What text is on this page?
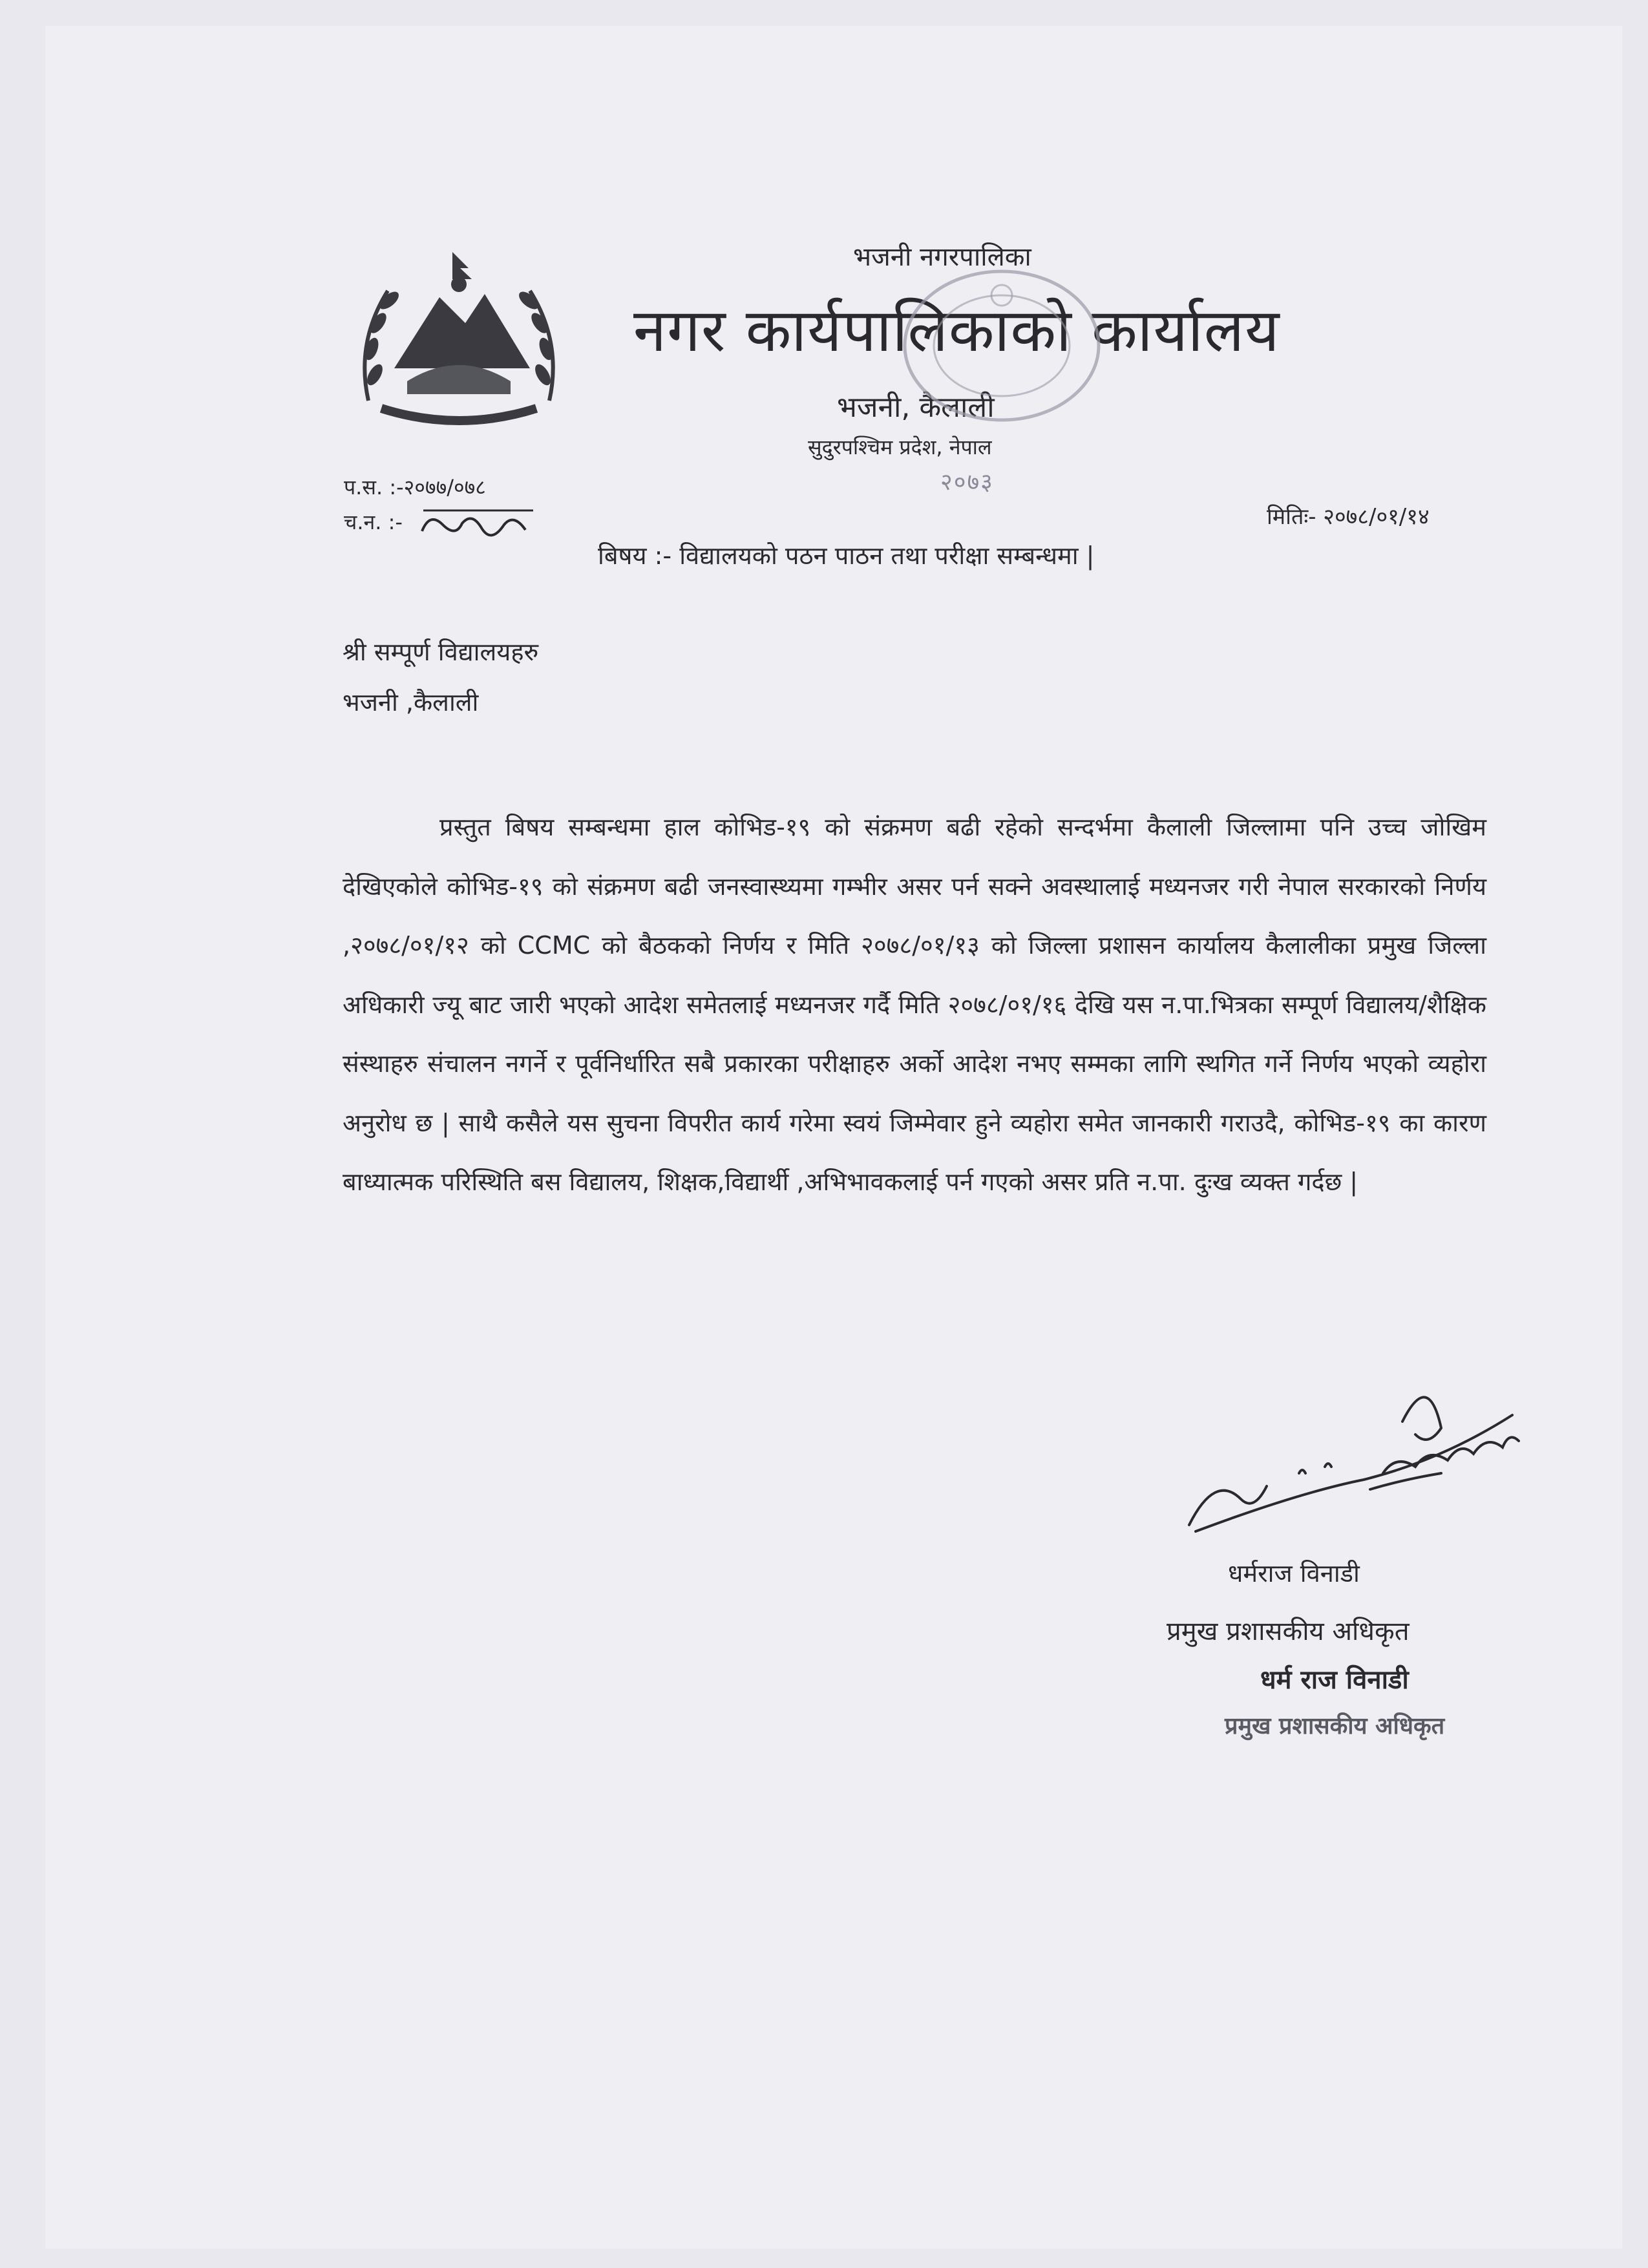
भजनी नगरपालिका
नगर कार्यपालिकाको कार्यालय
भजनी, कैलाली
सुदुरपश्चिम प्रदेश, नेपाल
२०७३
प.स. :-२०७७/०७८
च.न. :-	मितिः- २०७८/०१/१४
बिषय :- विद्यालयको पठन पाठन तथा परीक्षा सम्बन्धमा |
श्री सम्पूर्ण विद्यालयहरु
भजनी ,कैलाली
प्रस्तुत बिषय सम्बन्धमा हाल कोभिड-१९ को संक्रमण बढी रहेको सन्दर्भमा कैलाली जिल्लामा पनि उच्च जोखिम देखिएकोले कोभिड-१९ को संक्रमण बढी जनस्वास्थ्यमा गम्भीर असर पर्न सक्ने अवस्थालाई मध्यनजर गरी नेपाल सरकारको निर्णय ,२०७८/०१/१२ को CCMC को बैठकको निर्णय र मिति २०७८/०१/१३ को जिल्ला प्रशासन कार्यालय कैलालीका प्रमुख जिल्ला अधिकारी ज्यू बाट जारी भएको आदेश समेतलाई मध्यनजर गर्दै मिति २०७८/०१/१६ देखि यस न.पा.भित्रका सम्पूर्ण विद्यालय/शैक्षिक संस्थाहरु संचालन नगर्ने र पूर्वनिर्धारित सबै प्रकारका परीक्षाहरु अर्को आदेश नभए सम्मका लागि स्थगित गर्ने निर्णय भएको व्यहोरा अनुरोध छ | साथै कसैले यस सुचना विपरीत कार्य गरेमा स्वयं जिम्मेवार हुने व्यहोरा समेत जानकारी गराउदै, कोभिड-१९ का कारण बाध्यात्मक परिस्थिति बस विद्यालय, शिक्षक,विद्यार्थी ,अभिभावकलाई पर्न गएको असर प्रति न.पा. दुःख व्यक्त गर्दछ |
धर्मराज विनाडी
प्रमुख प्रशासकीय अधिकृत
धर्म राज विनाडी
प्रमुख प्रशासकीय अधिकृत
